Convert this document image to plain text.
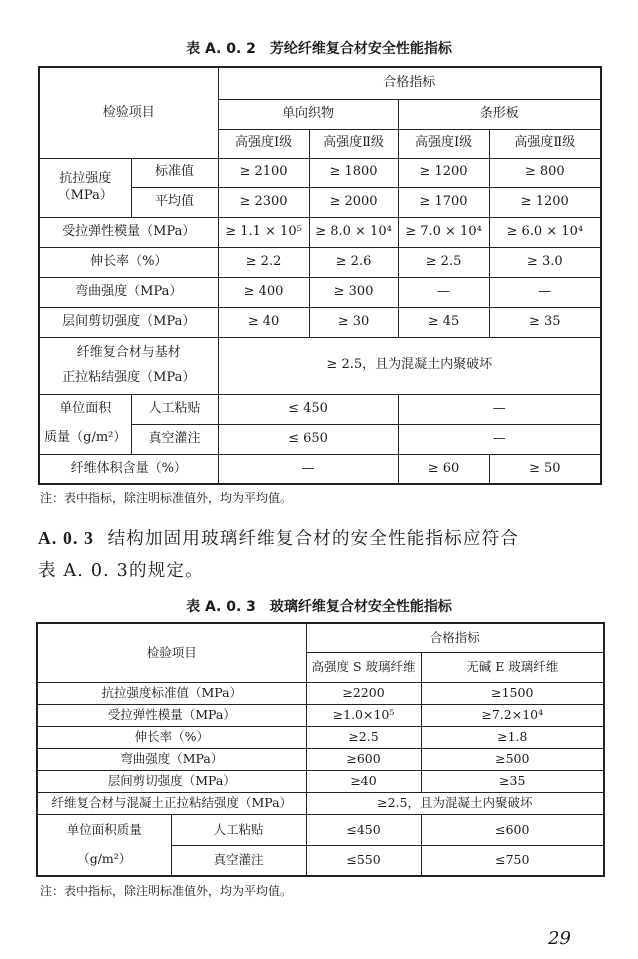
表 A. 0. 2　芳纶纤维复合材安全性能指标
检验项目		合格指标			
		单向织物		条形板	
		高强度Ⅰ级	高强度Ⅱ级	高强度Ⅰ级	高强度Ⅱ级
抗拉强度
（MPa）	标准值	≥ 2100	≥ 1800	≥ 1200	≥ 800
	平均值	≥ 2300	≥ 2000	≥ 1700	≥ 1200
受拉弹性模量（MPa）		≥ 1.1 × 10⁵	≥ 8.0 × 10⁴	≥ 7.0 × 10⁴	≥ 6.0 × 10⁴
伸长率（%）		≥ 2.2	≥ 2.6	≥ 2.5	≥ 3.0
弯曲强度（MPa）		≥ 400	≥ 300	—	—
层间剪切强度（MPa）		≥ 40	≥ 30	≥ 45	≥ 35
纤维复合材与基材
正拉粘结强度（MPa）		≥ 2.5，且为混凝土内聚破坏			
单位面积
质量（g/m²）	人工粘贴	≤ 450		—	
	真空灌注	≤ 650		—	
纤维体积含量（%）		—		≥ 60	≥ 50
注：表中指标，除注明标准值外，均为平均值。
A. 0. 3 结构加固用玻璃纤维复合材的安全性能指标应符合
表 A. 0. 3的规定。
表 A. 0. 3　玻璃纤维复合材安全性能指标
检验项目		合格指标	
		高强度 S 玻璃纤维	无碱 E 玻璃纤维
抗拉强度标准值（MPa）		≥2200	≥1500
受拉弹性模量（MPa）		≥1.0×10⁵	≥7.2×10⁴
伸长率（%）		≥2.5	≥1.8
弯曲强度（MPa）		≥600	≥500
层间剪切强度（MPa）		≥40	≥35
纤维复合材与混凝土正拉粘结强度（MPa）		≥2.5，且为混凝土内聚破坏	
单位面积质量
（g/m²）	人工粘贴	≤450	≤600
	真空灌注	≤550	≤750
注：表中指标，除注明标准值外，均为平均值。
29
